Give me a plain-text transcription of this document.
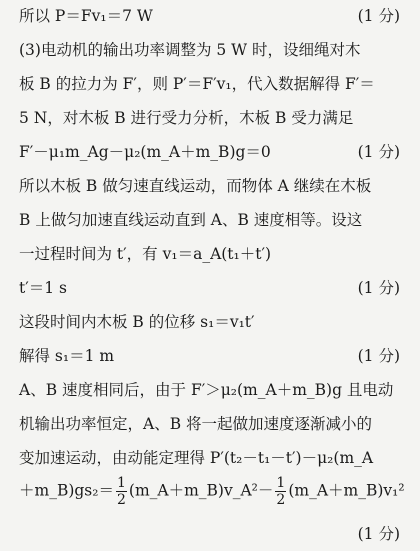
所以 P＝Fv₁＝7 W	(1 分)
(3)电动机的输出功率调整为 5 W 时，设细绳对木
板 B 的拉力为 F′，则 P′＝F′v₁，代入数据解得 F′＝
5 N，对木板 B 进行受力分析，木板 B 受力满足
F′－μ₁m_Ag－μ₂(m_A＋m_B)g＝0	(1 分)
所以木板 B 做匀速直线运动，而物体 A 继续在木板
B 上做匀加速直线运动直到 A、B 速度相等。设这
一过程时间为 t′，有 v₁＝a_A(t₁＋t′)
t′＝1 s	(1 分)
这段时间内木板 B 的位移 s₁＝v₁t′
解得 s₁＝1 m	(1 分)
A、B 速度相同后，由于 F′＞μ₂(m_A＋m_B)g 且电动
机输出功率恒定，A、B 将一起做加速度逐渐减小的
变加速运动，由动能定理得 P′(t₂－t₁－t′)－μ₂(m_A
＋m_B)gs₂＝ $\frac{1}{2}$ (m_A＋m_B)v_A²－ $\frac{1}{2}$ (m_A＋m_B)v₁²
(1 分)
